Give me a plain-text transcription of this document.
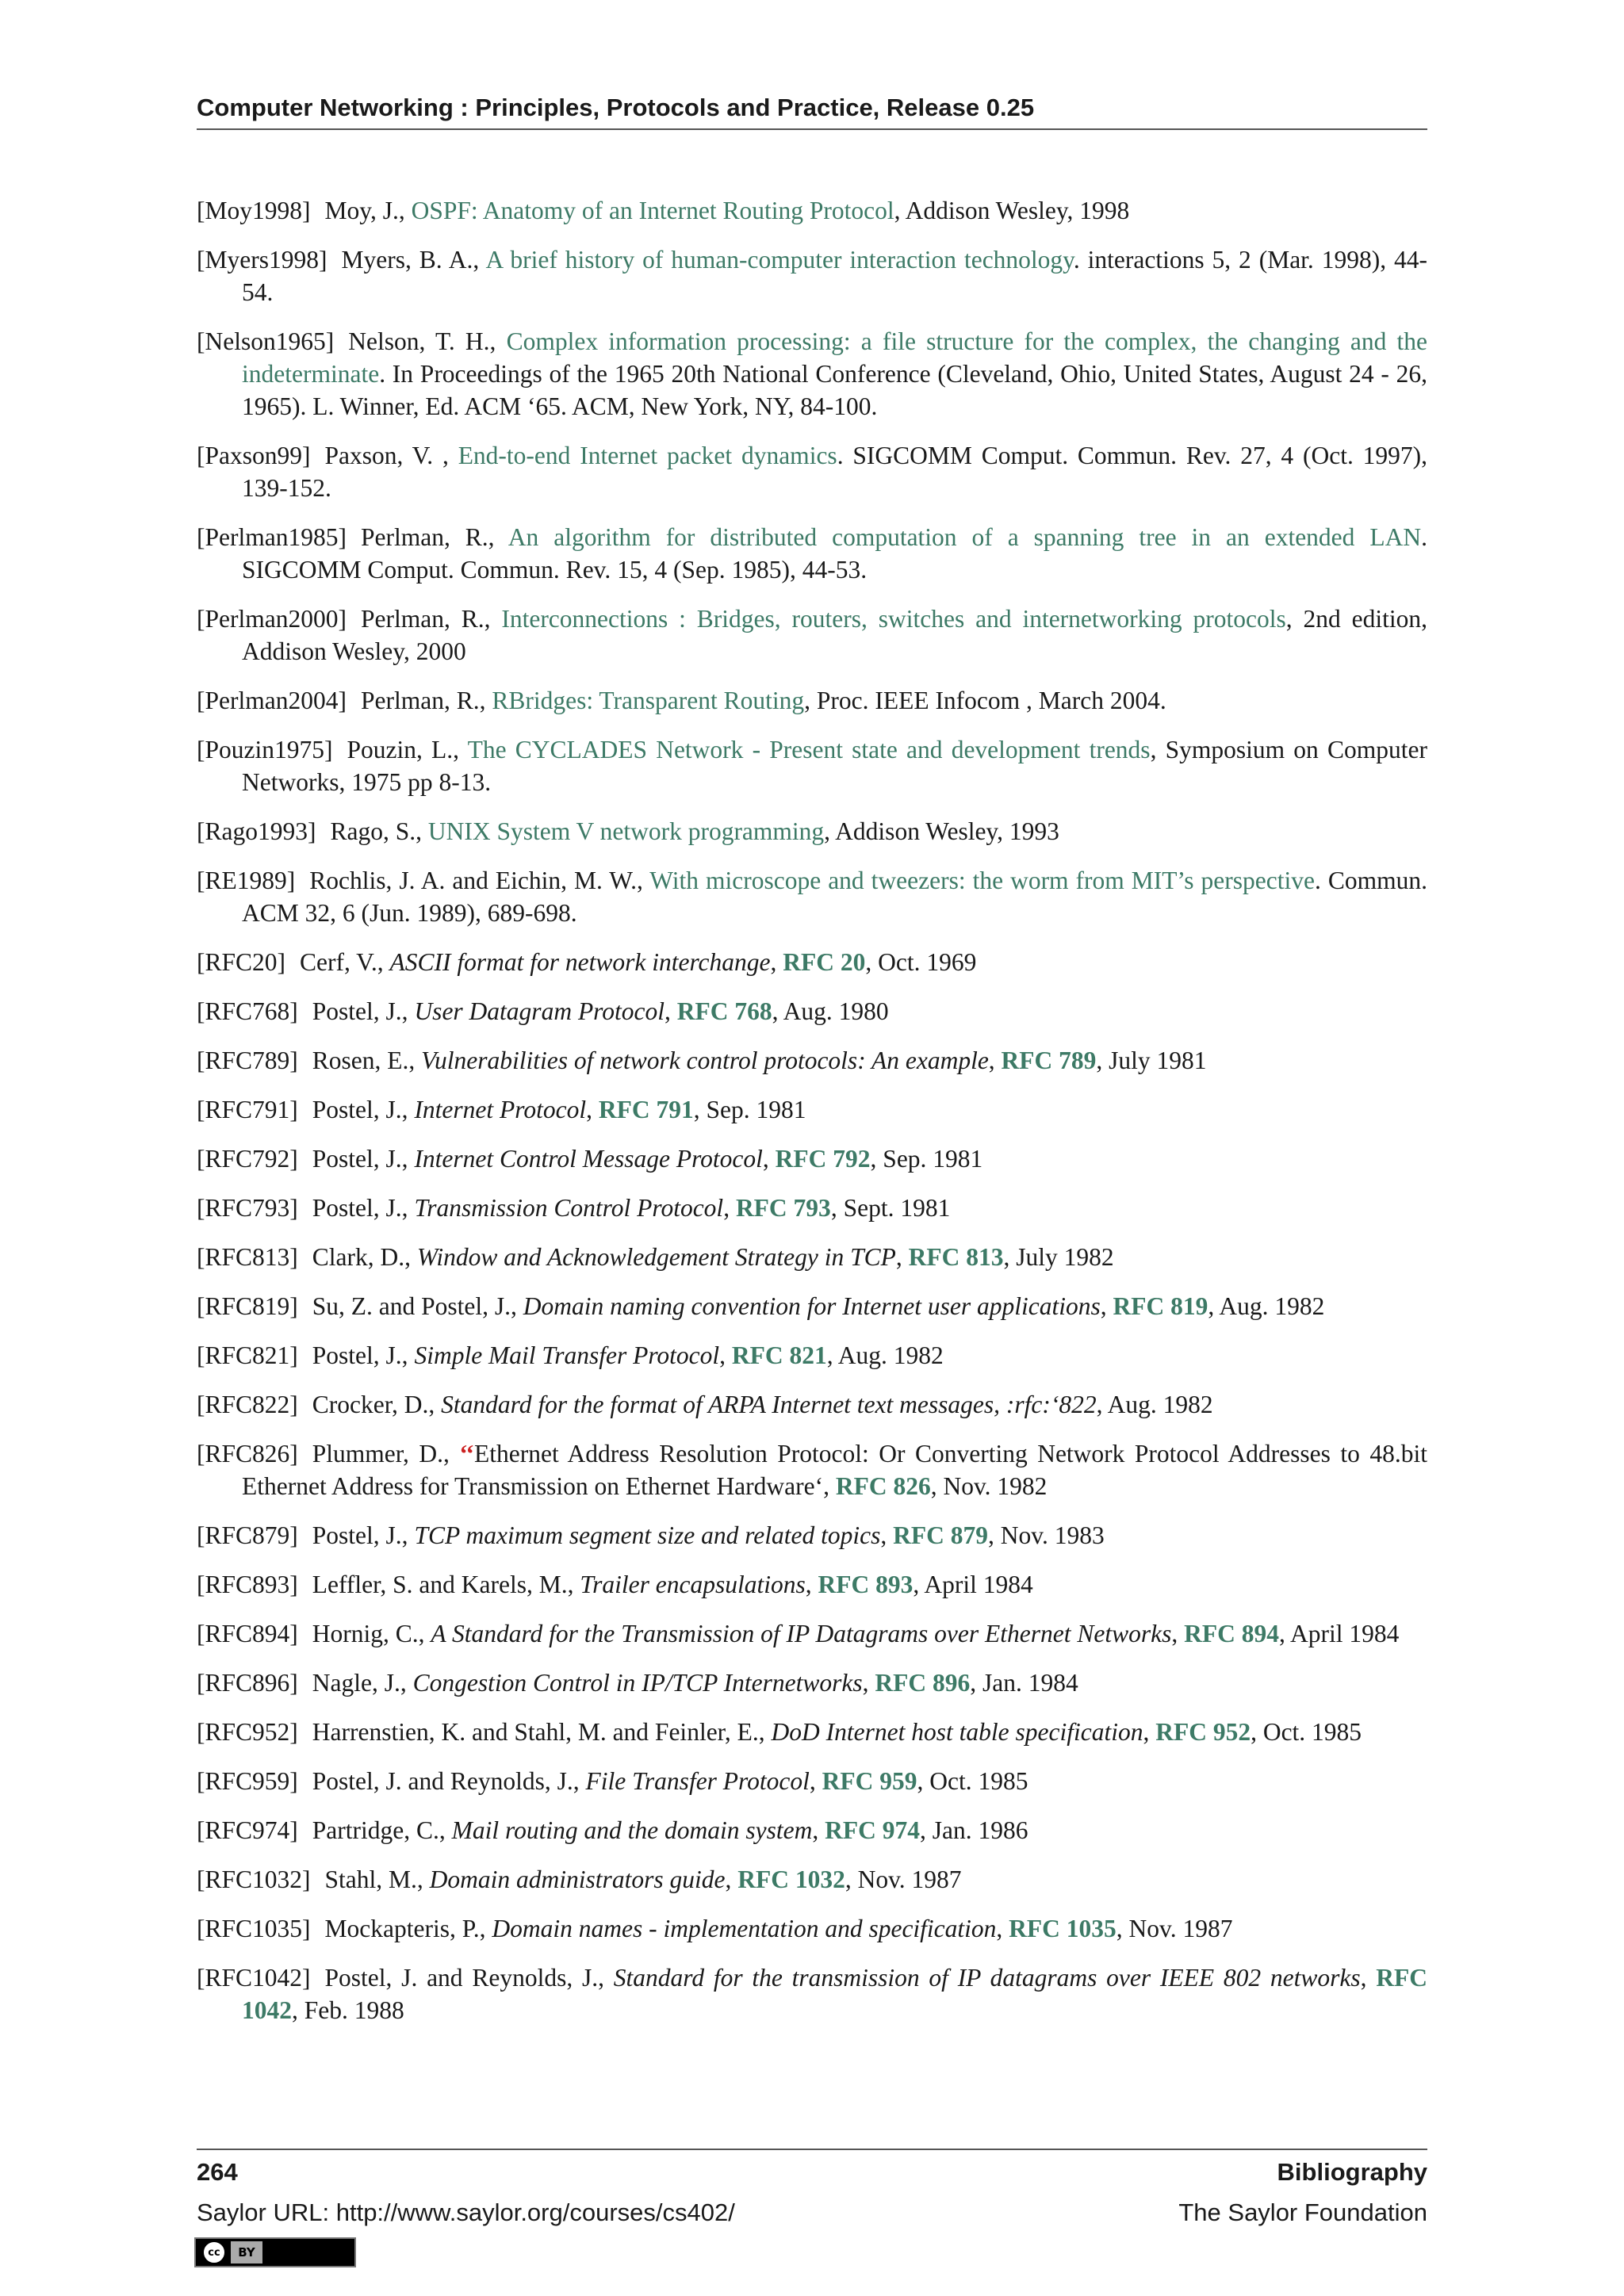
Computer Networking : Principles, Protocols and Practice, Release 0.25
[Moy1998] Moy, J., OSPF: Anatomy of an Internet Routing Protocol, Addison Wesley, 1998
[Myers1998] Myers, B. A., A brief history of human-computer interaction technology. interactions 5, 2 (Mar. 1998), 44-54.
[Nelson1965] Nelson, T. H., Complex information processing: a file structure for the complex, the changing and the indeterminate. In Proceedings of the 1965 20th National Conference (Cleveland, Ohio, United States, August 24 - 26, 1965). L. Winner, Ed. ACM ‘65. ACM, New York, NY, 84-100.
[Paxson99] Paxson, V. , End-to-end Internet packet dynamics. SIGCOMM Comput. Commun. Rev. 27, 4 (Oct. 1997), 139-152.
[Perlman1985] Perlman, R., An algorithm for distributed computation of a spanning tree in an extended LAN. SIGCOMM Comput. Commun. Rev. 15, 4 (Sep. 1985), 44-53.
[Perlman2000] Perlman, R., Interconnections : Bridges, routers, switches and internetworking protocols, 2nd edition, Addison Wesley, 2000
[Perlman2004] Perlman, R., RBridges: Transparent Routing, Proc. IEEE Infocom , March 2004.
[Pouzin1975] Pouzin, L., The CYCLADES Network - Present state and development trends, Symposium on Computer Networks, 1975 pp 8-13.
[Rago1993] Rago, S., UNIX System V network programming, Addison Wesley, 1993
[RE1989] Rochlis, J. A. and Eichin, M. W., With microscope and tweezers: the worm from MIT’s perspective. Commun. ACM 32, 6 (Jun. 1989), 689-698.
[RFC20] Cerf, V., ASCII format for network interchange, RFC 20, Oct. 1969
[RFC768] Postel, J., User Datagram Protocol, RFC 768, Aug. 1980
[RFC789] Rosen, E., Vulnerabilities of network control protocols: An example, RFC 789, July 1981
[RFC791] Postel, J., Internet Protocol, RFC 791, Sep. 1981
[RFC792] Postel, J., Internet Control Message Protocol, RFC 792, Sep. 1981
[RFC793] Postel, J., Transmission Control Protocol, RFC 793, Sept. 1981
[RFC813] Clark, D., Window and Acknowledgement Strategy in TCP, RFC 813, July 1982
[RFC819] Su, Z. and Postel, J., Domain naming convention for Internet user applications, RFC 819, Aug. 1982
[RFC821] Postel, J., Simple Mail Transfer Protocol, RFC 821, Aug. 1982
[RFC822] Crocker, D., Standard for the format of ARPA Internet text messages, :rfc:‘822, Aug. 1982
[RFC826] Plummer, D., ‘‘Ethernet Address Resolution Protocol: Or Converting Network Protocol Addresses to 48.bit Ethernet Address for Transmission on Ethernet Hardware‘, RFC 826, Nov. 1982
[RFC879] Postel, J., TCP maximum segment size and related topics, RFC 879, Nov. 1983
[RFC893] Leffler, S. and Karels, M., Trailer encapsulations, RFC 893, April 1984
[RFC894] Hornig, C., A Standard for the Transmission of IP Datagrams over Ethernet Networks, RFC 894, April 1984
[RFC896] Nagle, J., Congestion Control in IP/TCP Internetworks, RFC 896, Jan. 1984
[RFC952] Harrenstien, K. and Stahl, M. and Feinler, E., DoD Internet host table specification, RFC 952, Oct. 1985
[RFC959] Postel, J. and Reynolds, J., File Transfer Protocol, RFC 959, Oct. 1985
[RFC974] Partridge, C., Mail routing and the domain system, RFC 974, Jan. 1986
[RFC1032] Stahl, M., Domain administrators guide, RFC 1032, Nov. 1987
[RFC1035] Mockapteris, P., Domain names - implementation and specification, RFC 1035, Nov. 1987
[RFC1042] Postel, J. and Reynolds, J., Standard for the transmission of IP datagrams over IEEE 802 networks, RFC 1042, Feb. 1988
264	Bibliography
Saylor URL: http://www.saylor.org/courses/cs402/	The Saylor Foundation
cc	BY
